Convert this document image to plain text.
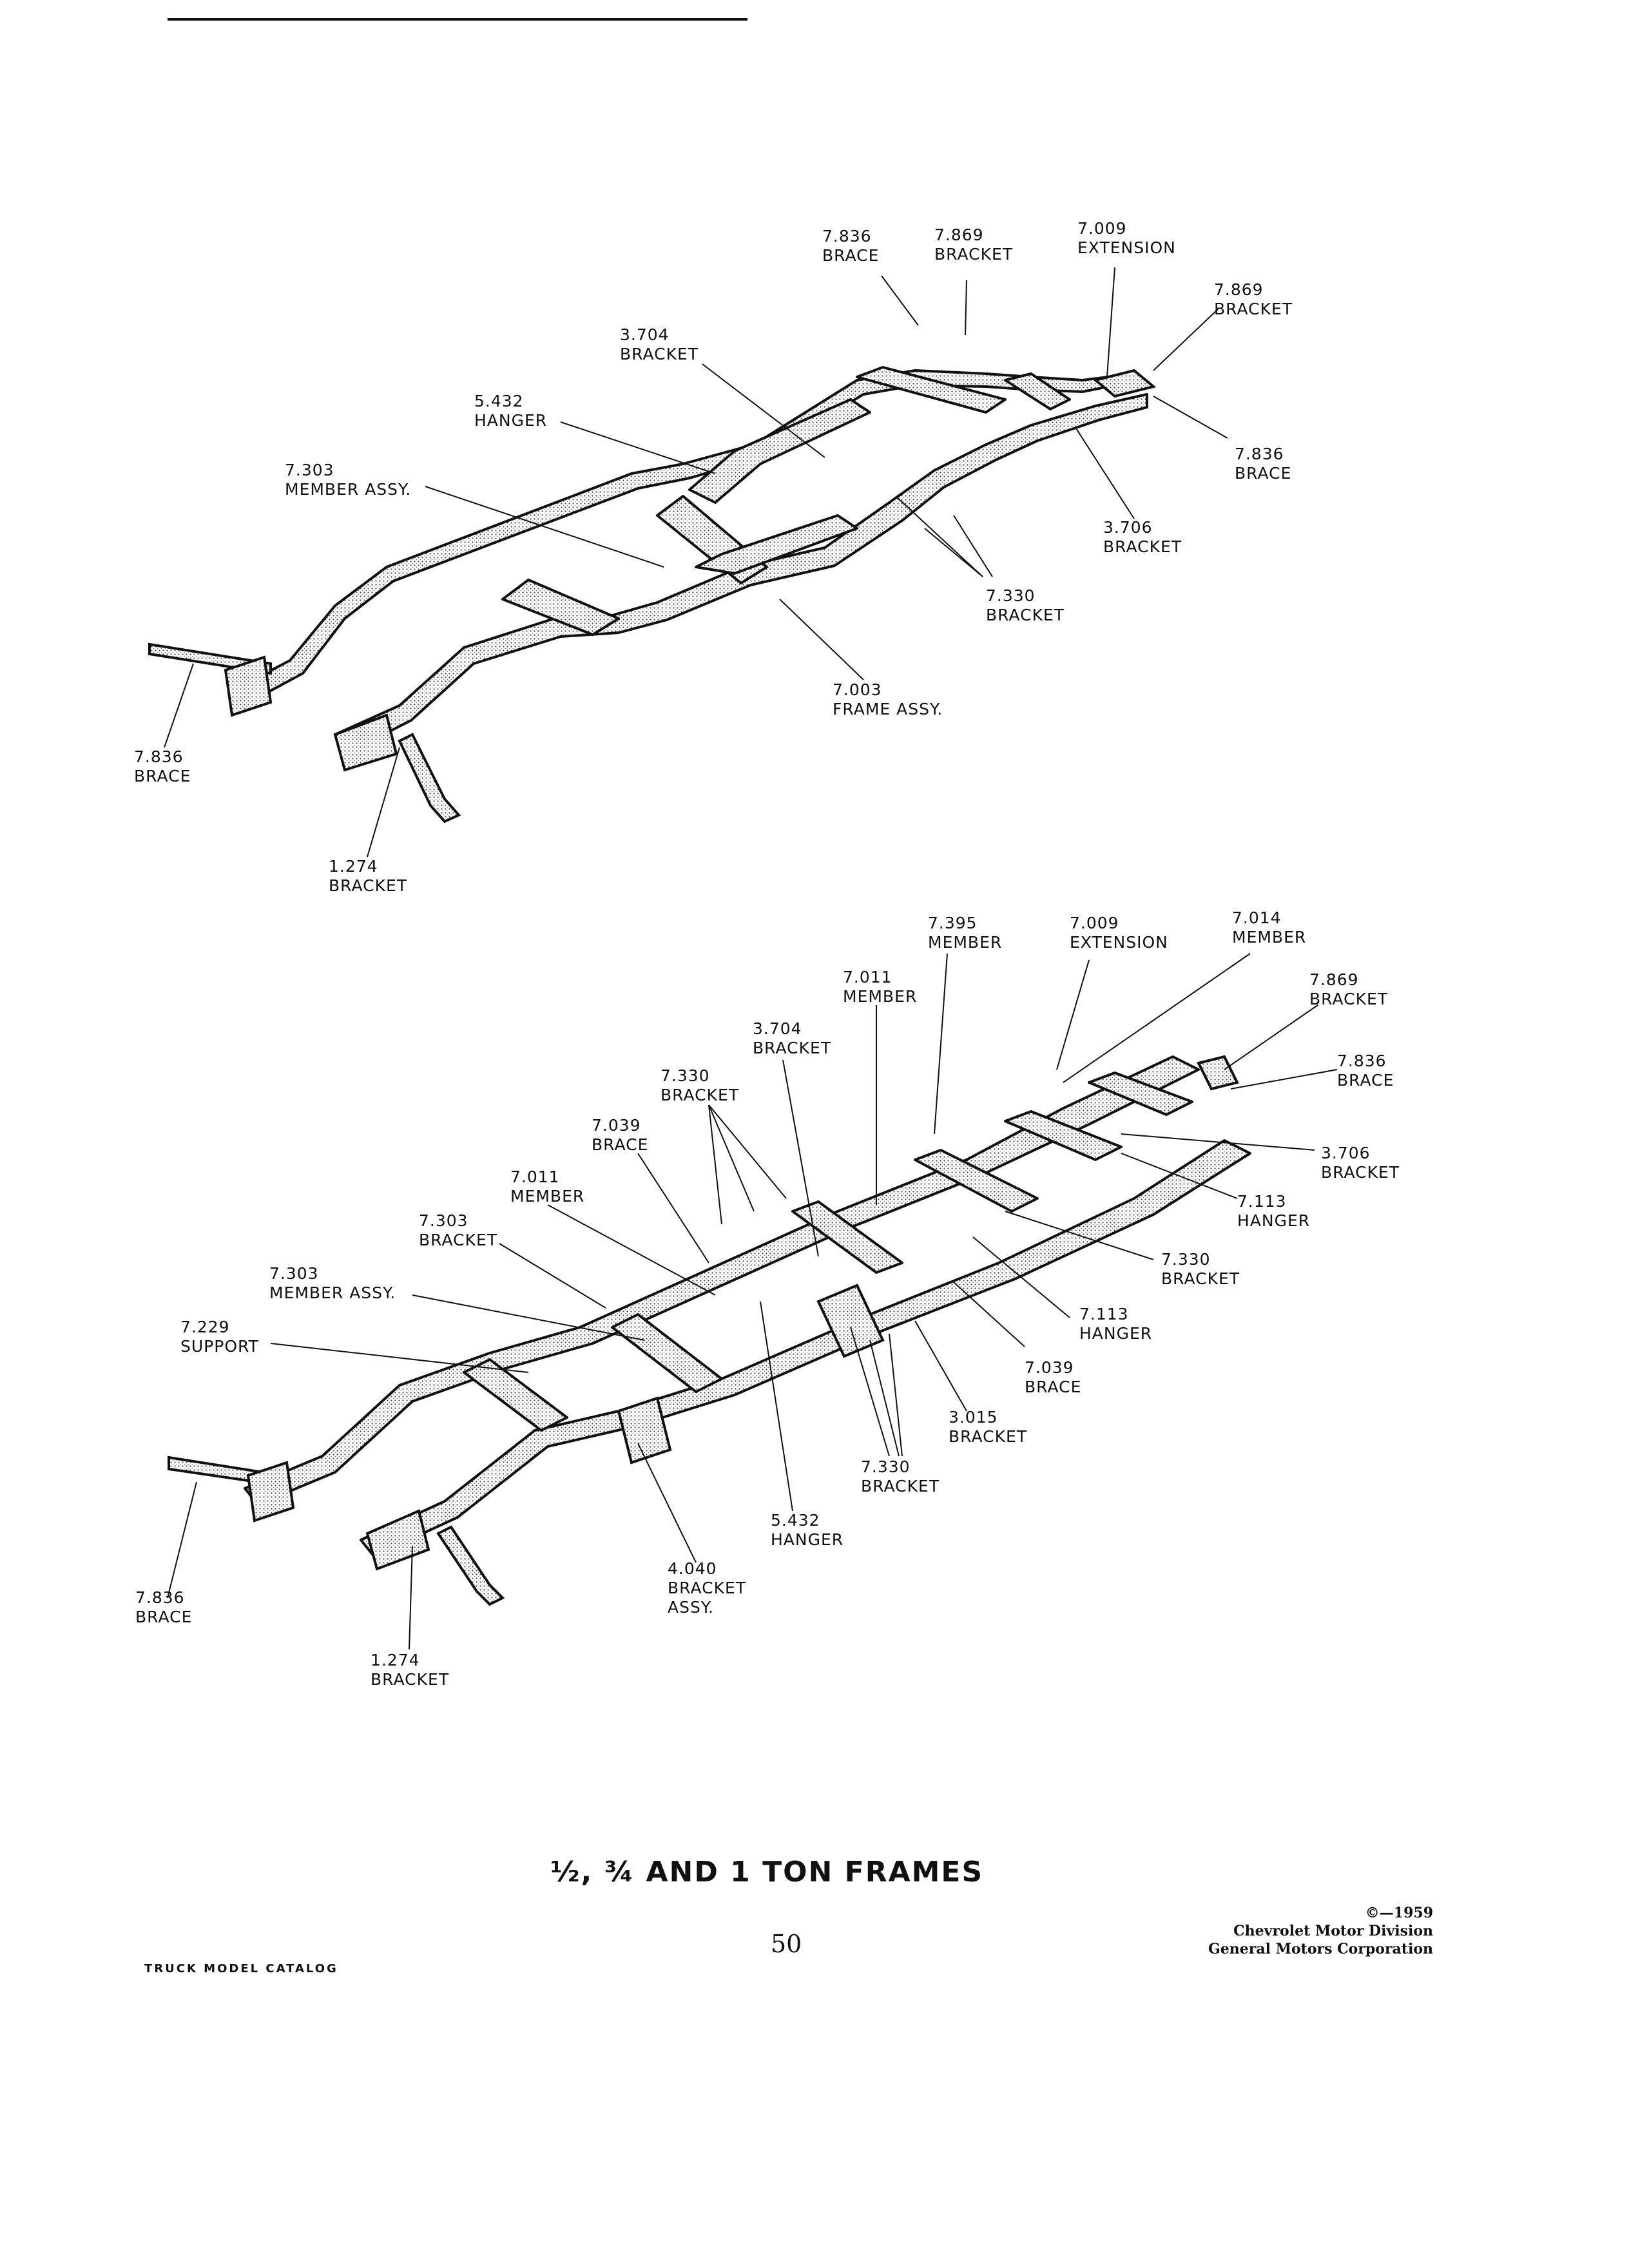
7.836
BRACE
7.869
BRACKET
7.009
EXTENSION
7.869
BRACKET
3.704
BRACKET
5.432
HANGER
7.303
MEMBER ASSY.
7.836
BRACE
3.706
BRACKET
7.330
BRACKET
7.003
FRAME ASSY.
7.836
BRACE
1.274
BRACKET
7.395
MEMBER
7.009
EXTENSION
7.014
MEMBER
7.011
MEMBER
7.869
BRACKET
3.704
BRACKET
7.836
BRACE
7.330
BRACKET
7.039
BRACE	3.706
BRACKET
7.011
MEMBER	7.113
HANGER
7.303
BRACKET
7.330
BRACKET
7.303
MEMBER ASSY.
7.113
HANGER
7.229
SUPPORT
7.039
BRACE
3.015
BRACKET
7.330
BRACKET
5.432
HANGER
4.040
BRACKET
ASSY.
7.836
BRACE
1.274
BRACKET
½, ¾ AND 1 TON FRAMES
50
©—1959
Chevrolet Motor Division
General Motors Corporation
TRUCK MODEL CATALOG
